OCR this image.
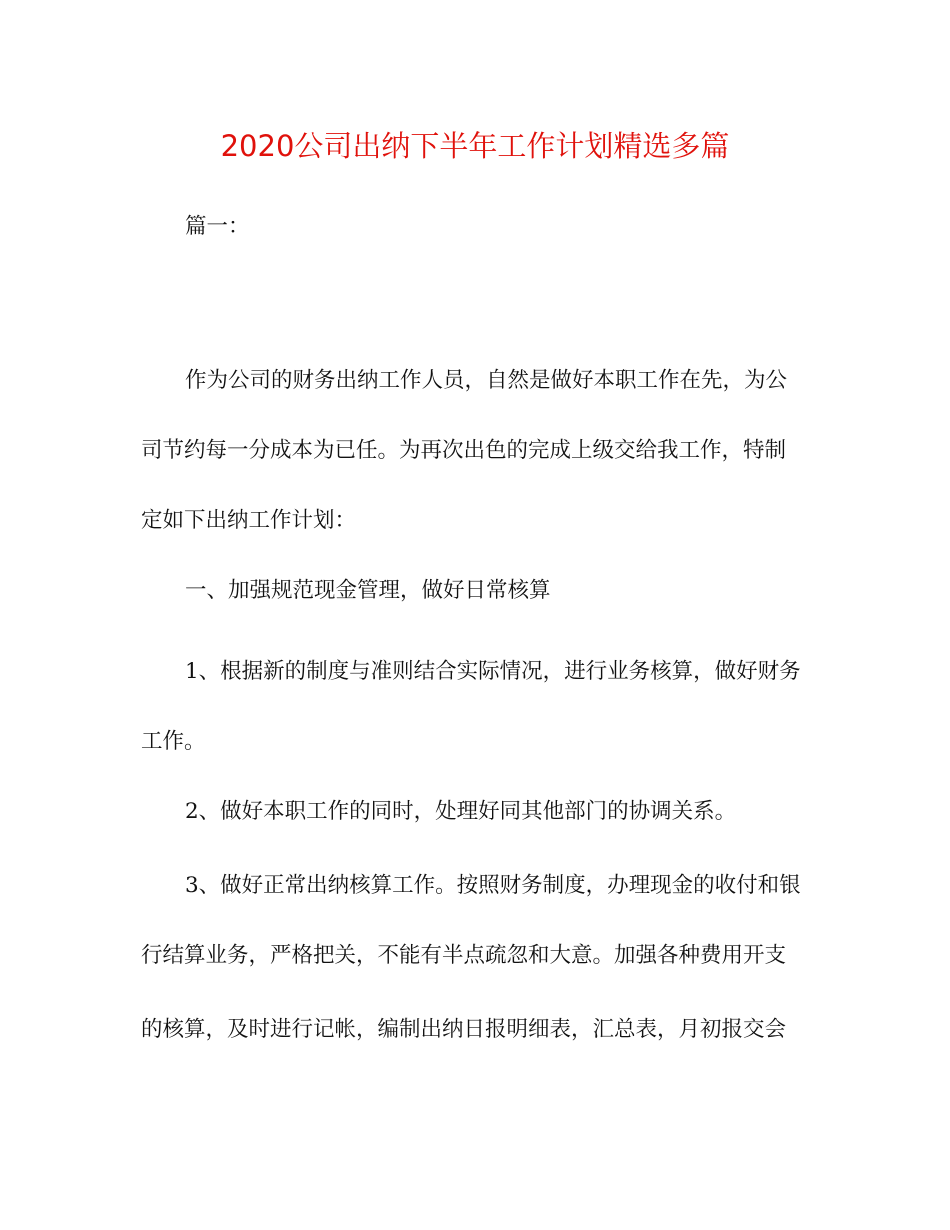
2020公司出纳下半年工作计划精选多篇

篇一：

作为公司的财务出纳工作人员，自然是做好本职工作在先，为公

司节约每一分成本为已任。为再次出色的完成上级交给我工作，特制

定如下出纳工作计划：

一、加强规范现金管理，做好日常核算

1、根据新的制度与准则结合实际情况，进行业务核算，做好财务

工作。

2、做好本职工作的同时，处理好同其他部门的协调关系。

3、做好正常出纳核算工作。按照财务制度，办理现金的收付和银

行结算业务，严格把关，不能有半点疏忽和大意。加强各种费用开支

的核算，及时进行记帐，编制出纳日报明细表，汇总表，月初报交会
